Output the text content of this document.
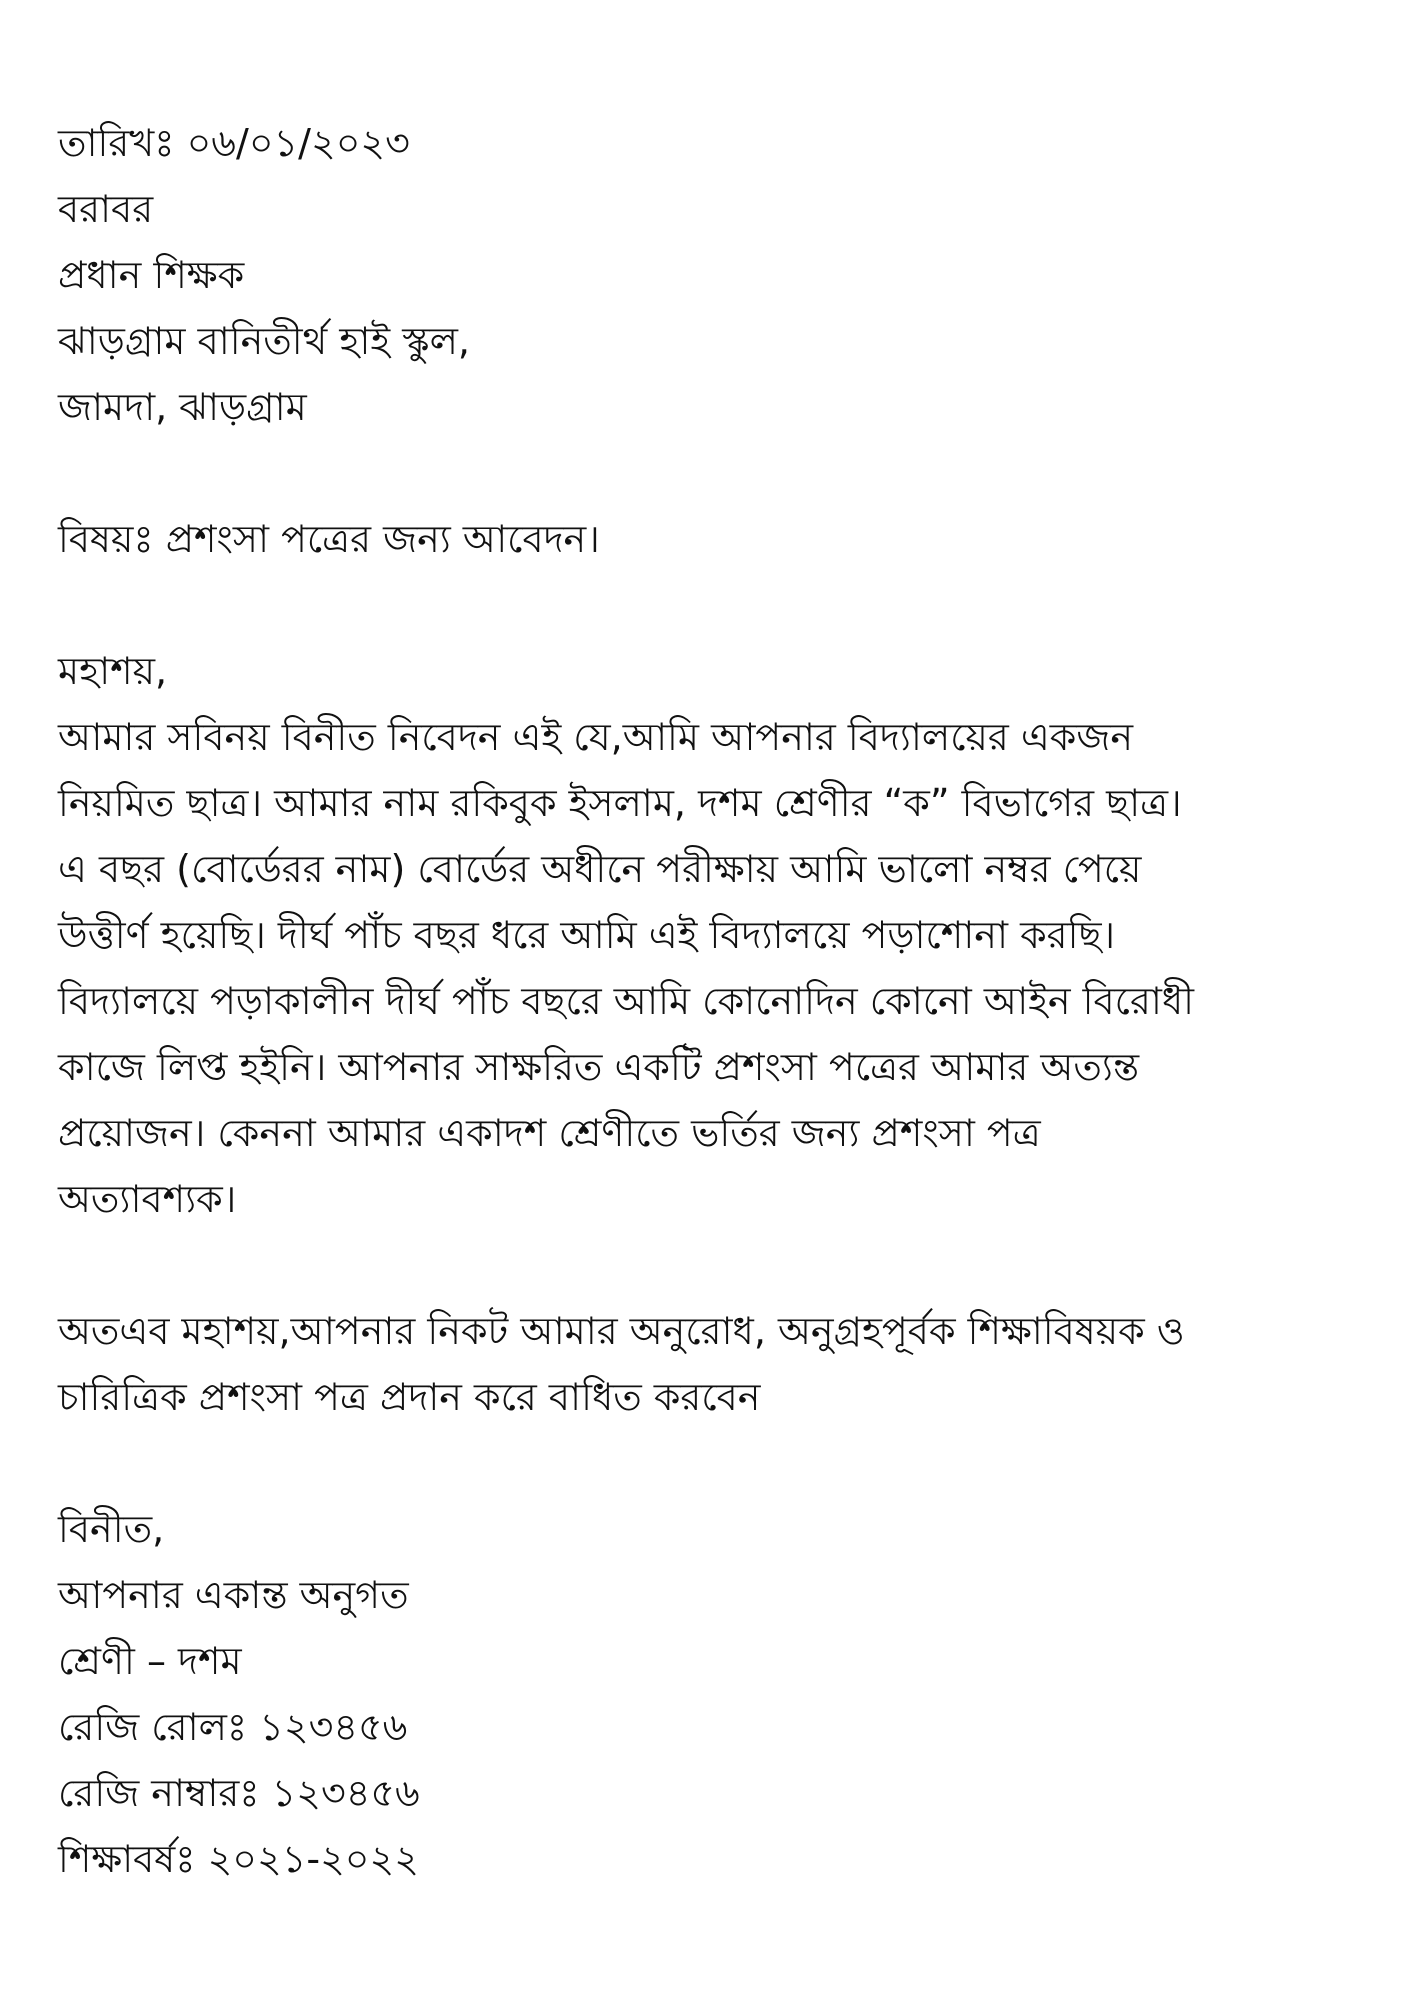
তারিখঃ ০৬/০১/২০২৩
বরাবর
প্রধান শিক্ষক
ঝাড়গ্রাম বানিতীর্থ হাই স্কুল,
জামদা, ঝাড়গ্রাম
বিষয়ঃ প্রশংসা পত্রের জন্য আবেদন।
মহাশয়,
আমার সবিনয় বিনীত নিবেদন এই যে,আমি আপনার বিদ্যালয়ের একজন
নিয়মিত ছাত্র। আমার নাম রকিবুক ইসলাম, দশম শ্রেণীর “ক” বিভাগের ছাত্র।
এ বছর (বোর্ডেরর নাম) বোর্ডের অধীনে পরীক্ষায় আমি ভালো নম্বর পেয়ে
উত্তীর্ণ হয়েছি। দীর্ঘ পাঁচ বছর ধরে আমি এই বিদ্যালয়ে পড়াশোনা করছি।
বিদ্যালয়ে পড়াকালীন দীর্ঘ পাঁচ বছরে আমি কোনোদিন কোনো আইন বিরোধী
কাজে লিপ্ত হইনি। আপনার সাক্ষরিত একটি প্রশংসা পত্রের আমার অত্যন্ত
প্রয়োজন। কেননা আমার একাদশ শ্রেণীতে ভর্তির জন্য প্রশংসা পত্র
অত্যাবশ্যক।
অতএব মহাশয়,আপনার নিকট আমার অনুরোধ, অনুগ্রহপূর্বক শিক্ষাবিষয়ক ও
চারিত্রিক প্রশংসা পত্র প্রদান করে বাধিত করবেন
বিনীত,
আপনার একান্ত অনুগত
শ্রেণী – দশম
রেজি রোলঃ ১২৩৪৫৬
রেজি নাম্বারঃ ১২৩৪৫৬
শিক্ষাবর্ষঃ ২০২১-২০২২
